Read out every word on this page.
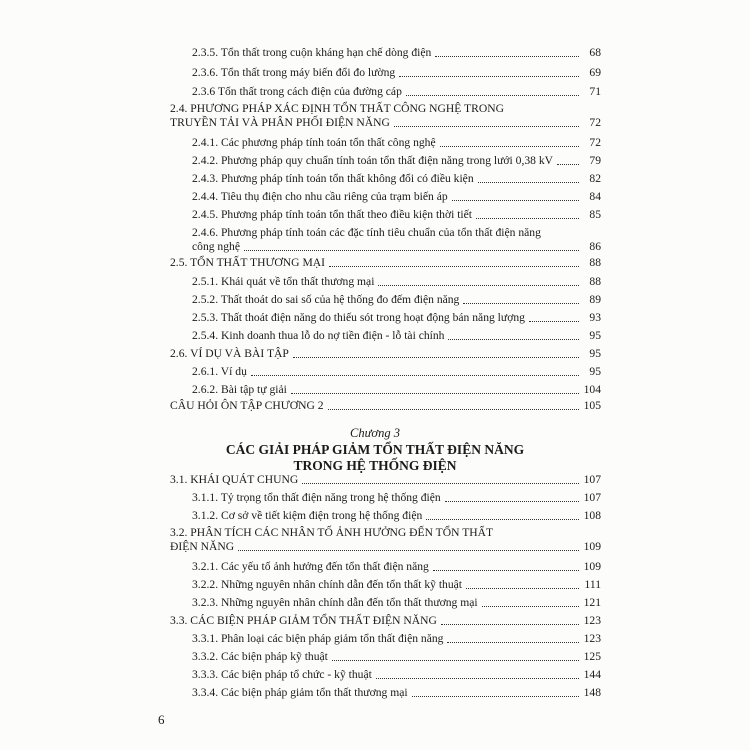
2.3.5. Tổn thất trong cuộn kháng hạn chế dòng điện	68
2.3.6. Tổn thất trong máy biến đổi đo lường	69
2.3.6 Tổn thất trong cách điện của đường cáp	71
2.4. PHƯƠNG PHÁP XÁC ĐỊNH TỔN THẤT CÔNG NGHỆ TRONG
TRUYỀN TẢI VÀ PHÂN PHỐI ĐIỆN NĂNG	72
2.4.1. Các phương pháp tính toán tổn thất công nghệ	72
2.4.2. Phương pháp quy chuẩn tính toán tổn thất điện năng trong lưới 0,38 kV	79
2.4.3. Phương pháp tính toán tổn thất không đổi có điều kiện	82
2.4.4. Tiêu thụ điện cho nhu cầu riêng của trạm biến áp	84
2.4.5. Phương pháp tính toán tổn thất theo điều kiện thời tiết	85
2.4.6. Phương pháp tính toán các đặc tính tiêu chuẩn của tổn thất điện năng
công nghệ	86
2.5. TỔN THẤT THƯƠNG MẠI	88
2.5.1. Khái quát về tổn thất thương mại	88
2.5.2. Thất thoát do sai số của hệ thống đo đếm điện năng	89
2.5.3. Thất thoát điện năng do thiếu sót trong hoạt động bán năng lượng	93
2.5.4. Kinh doanh thua lỗ do nợ tiền điện - lỗ tài chính	95
2.6. VÍ DỤ VÀ BÀI TẬP	95
2.6.1. Ví dụ	95
2.6.2. Bài tập tự giải	104
CÂU HỎI ÔN TẬP CHƯƠNG 2	105
Chương 3
CÁC GIẢI PHÁP GIẢM TỔN THẤT ĐIỆN NĂNG
TRONG HỆ THỐNG ĐIỆN
3.1. KHÁI QUÁT CHUNG	107
3.1.1. Tỷ trọng tổn thất điện năng trong hệ thống điện	107
3.1.2. Cơ sở về tiết kiệm điện trong hệ thống điện	108
3.2. PHÂN TÍCH CÁC NHÂN TỐ ẢNH HƯỞNG ĐẾN TỔN THẤT
ĐIỆN NĂNG	109
3.2.1. Các yếu tố ảnh hưởng đến tổn thất điện năng	109
3.2.2. Những nguyên nhân chính dẫn đến tổn thất kỹ thuật	111
3.2.3. Những nguyên nhân chính dẫn đến tổn thất thương mại	121
3.3. CÁC BIỆN PHÁP GIẢM TỔN THẤT ĐIỆN NĂNG	123
3.3.1. Phân loại các biện pháp giảm tổn thất điện năng	123
3.3.2. Các biện pháp kỹ thuật	125
3.3.3. Các biện pháp tổ chức - kỹ thuật	144
3.3.4. Các biện pháp giảm tổn thất thương mại	148
6
